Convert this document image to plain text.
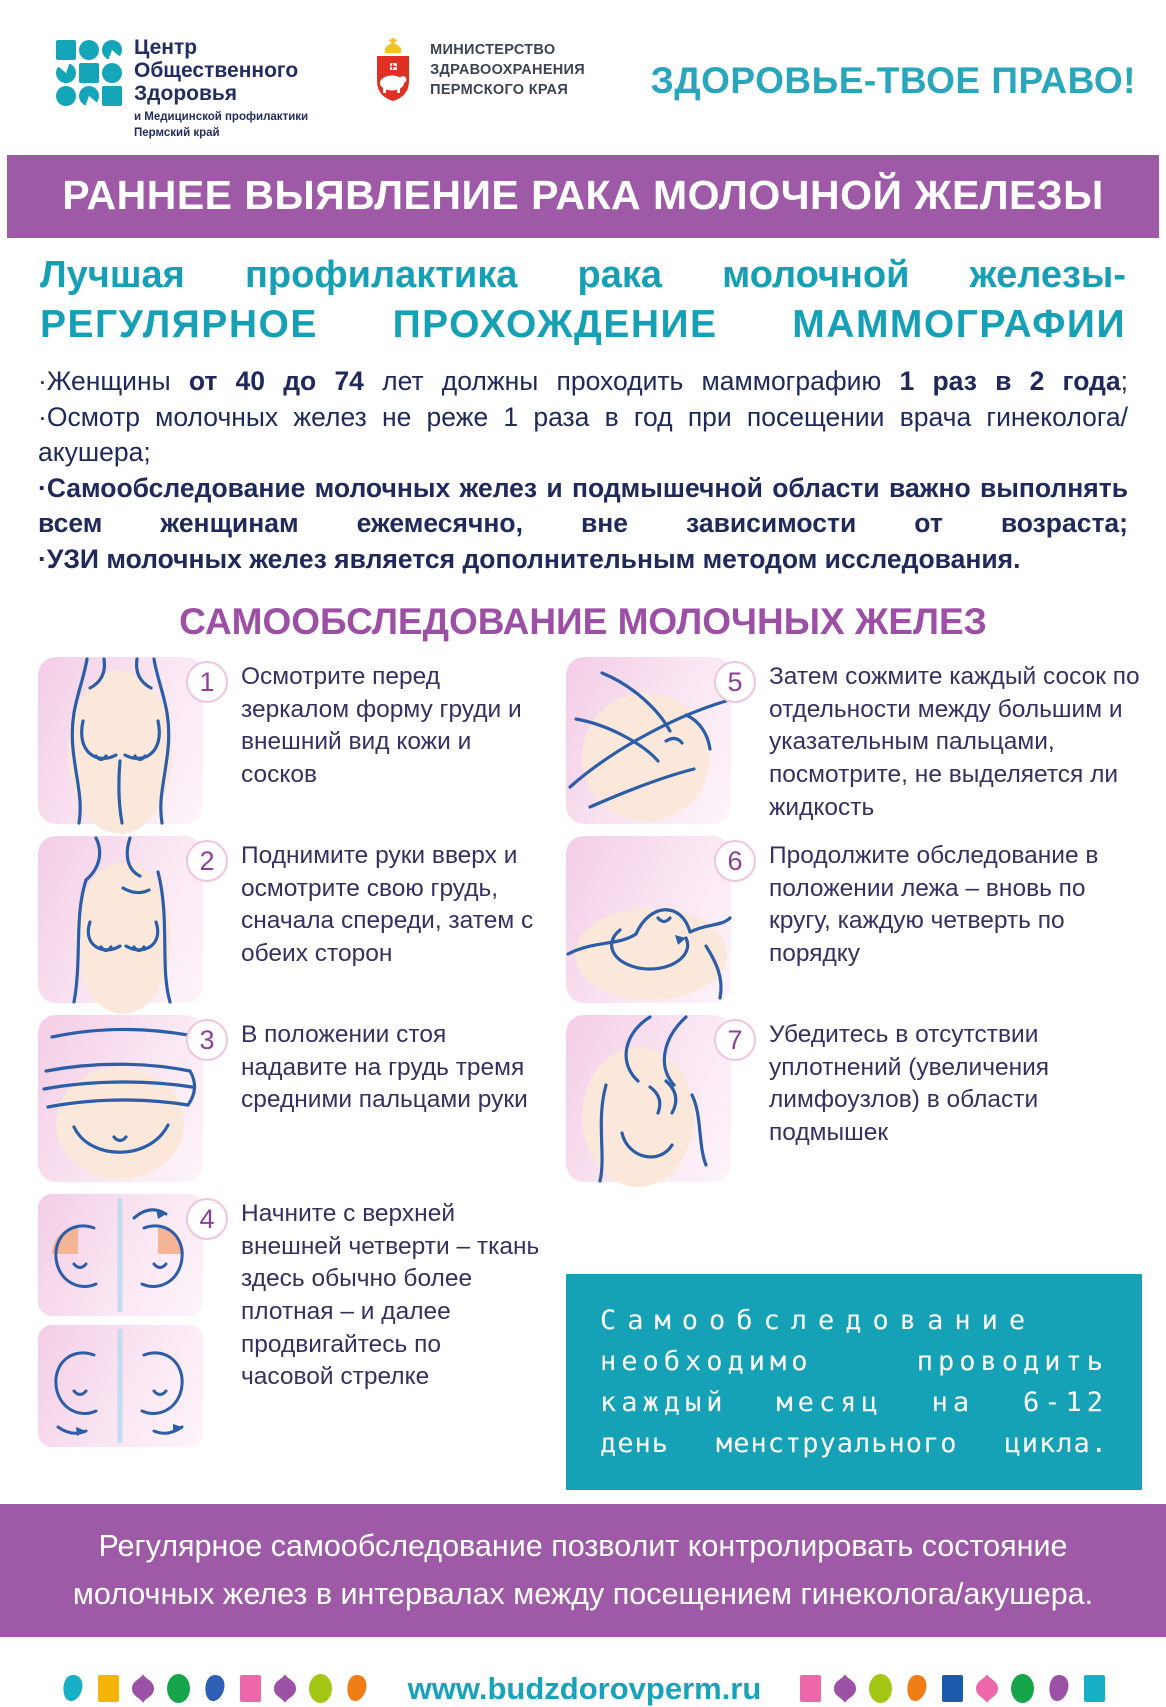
Центр
Общественного
Здоровья
и Медицинской профилактики
Пермский край
МИНИСТЕРСТВО
ЗДРАВООХРАНЕНИЯ
ПЕРМСКОГО КРАЯ	ЗДОРОВЬЕ-ТВОЕ ПРАВО!
РАННЕЕ ВЫЯВЛЕНИЕ РАКА МОЛОЧНОЙ ЖЕЛЕЗЫ
Лучшая профилактика рака молочной железы-
РЕГУЛЯРНОЕ ПРОХОЖДЕНИЕ МАММОГРАФИИ

·Женщины от 40 до 74 лет должны проходить маммографию 1 раз в 2 года;

·Осмотр молочных желез не реже 1 раза в год при посещении врача гинеколога/акушера;

·Самообследование молочных желез и подмышечной области важно выполнять всем женщинам ежемесячно, вне зависимости от возраста;

·УЗИ молочных желез является дополнительным методом исследования.

САМООБСЛЕДОВАНИЕ МОЛОЧНЫХ ЖЕЛЕЗ
1	Осмотрите перед зеркалом форму груди и внешний вид кожи и сосков
2	Поднимите руки вверх и осмотрите свою грудь, сначала спереди, затем с обеих сторон
3	В положении стоя надавите на грудь тремя средними пальцами руки
4	Начните с верхней внешней четверти – ткань здесь обычно более плотная – и далее продвигайтесь по часовой стрелке
5	Затем сожмите каждый сосок по отдельности между большим и указательным пальцами, посмотрите, не выделяется ли жидкость
6	Продолжите обследование в положении лежа – вновь по кругу, каждую четверть по порядку
7	Убедитесь в отсутствии уплотнений (увеличения лимфоузлов) в области подмышек
Самообследование
необходимо проводить
каждый месяц на 6-12
день менструального цикла.
Регулярное самообследование позволит контролировать состояние
молочных желез в интервалах между посещением гинеколога/акушера.
www.budzdorovperm.ru
